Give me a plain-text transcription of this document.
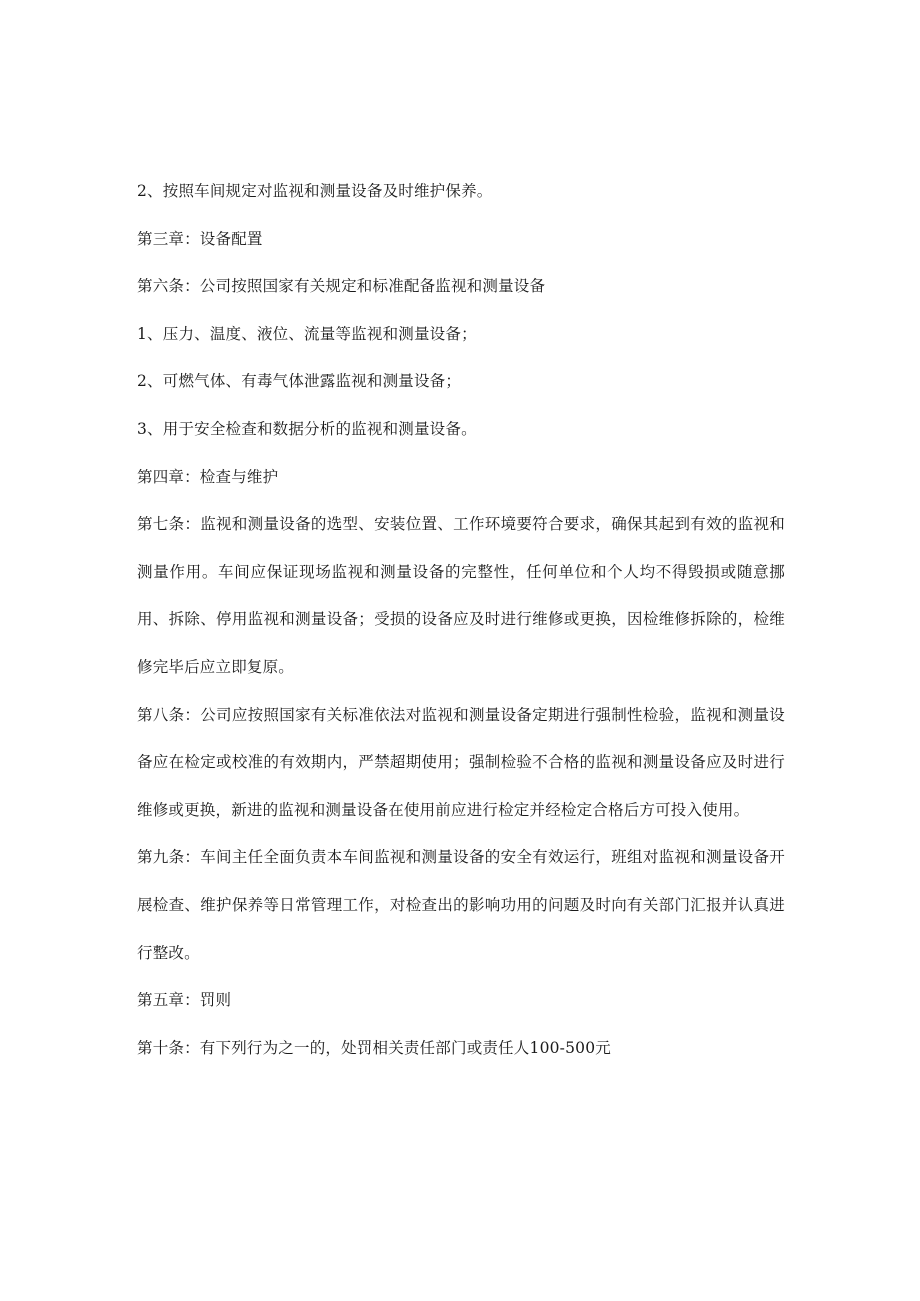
2、按照车间规定对监视和测量设备及时维护保养。

第三章：设备配置

第六条：公司按照国家有关规定和标准配备监视和测量设备

1、压力、温度、液位、流量等监视和测量设备；

2、可燃气体、有毒气体泄露监视和测量设备；

3、用于安全检查和数据分析的监视和测量设备。

第四章：检查与维护

第七条：监视和测量设备的选型、安装位置、工作环境要符合要求，确保其起到有效的监视和测量作用。车间应保证现场监视和测量设备的完整性，任何单位和个人均不得毁损或随意挪用、拆除、停用监视和测量设备；受损的设备应及时进行维修或更换，因检维修拆除的，检维修完毕后应立即复原。

第八条：公司应按照国家有关标准依法对监视和测量设备定期进行强制性检验，监视和测量设备应在检定或校准的有效期内，严禁超期使用；强制检验不合格的监视和测量设备应及时进行维修或更换，新进的监视和测量设备在使用前应进行检定并经检定合格后方可投入使用。

第九条：车间主任全面负责本车间监视和测量设备的安全有效运行，班组对监视和测量设备开展检查、维护保养等日常管理工作，对检查出的影响功用的问题及时向有关部门汇报并认真进行整改。

第五章：罚则

第十条：有下列行为之一的，处罚相关责任部门或责任人100-500元
